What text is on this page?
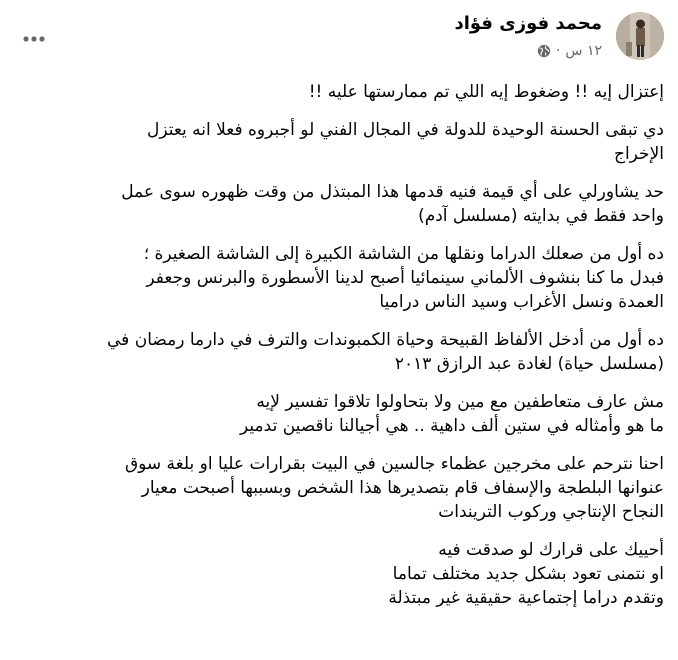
محمد فوزى فؤاد
١٢ س
·

إعتزال إيه !! وضغوط إيه اللي تم ممارستها عليه !!

دي تبقى الحسنة الوحيدة للدولة في المجال الفني لو أجبروه فعلا انه يعتزل
الإخراج

حد يشاورلي على أي قيمة فنيه قدمها هذا المبتذل من وقت ظهوره سوى عمل
واحد فقط في بدايته (مسلسل آدم)

ده أول من صعلك الدراما ونقلها من الشاشة الكبيرة إلى الشاشة الصغيرة ؛
فبدل ما كنا بنشوف الألماني سينمائيا أصبح لدينا الأسطورة والبرنس وجعفر
العمدة ونسل الأغراب وسيد الناس دراميا

ده أول من أدخل الألفاظ القبيحة وحياة الكمبوندات والترف في دارما رمضان في
(مسلسل حياة) لغادة عبد الرازق ٢٠١٣

مش عارف متعاطفين مع مين ولا بتحاولوا تلاقوا تفسير لإيه
ما هو وأمثاله في ستين ألف داهية .. هي أجيالنا ناقصين تدمير

احنا نترحم على مخرجين عظماء جالسين في البيت بقرارات عليا او بلغة سوق
عنوانها البلطجة والإسفاف قام بتصديرها هذا الشخص وبسببها أصبحت معيار
النجاح الإنتاجي وركوب التريندات

أحييك على قرارك لو صدقت فيه
او نتمنى تعود بشكل جديد مختلف تماما
وتقدم دراما إجتماعية حقيقية غير مبتذلة
